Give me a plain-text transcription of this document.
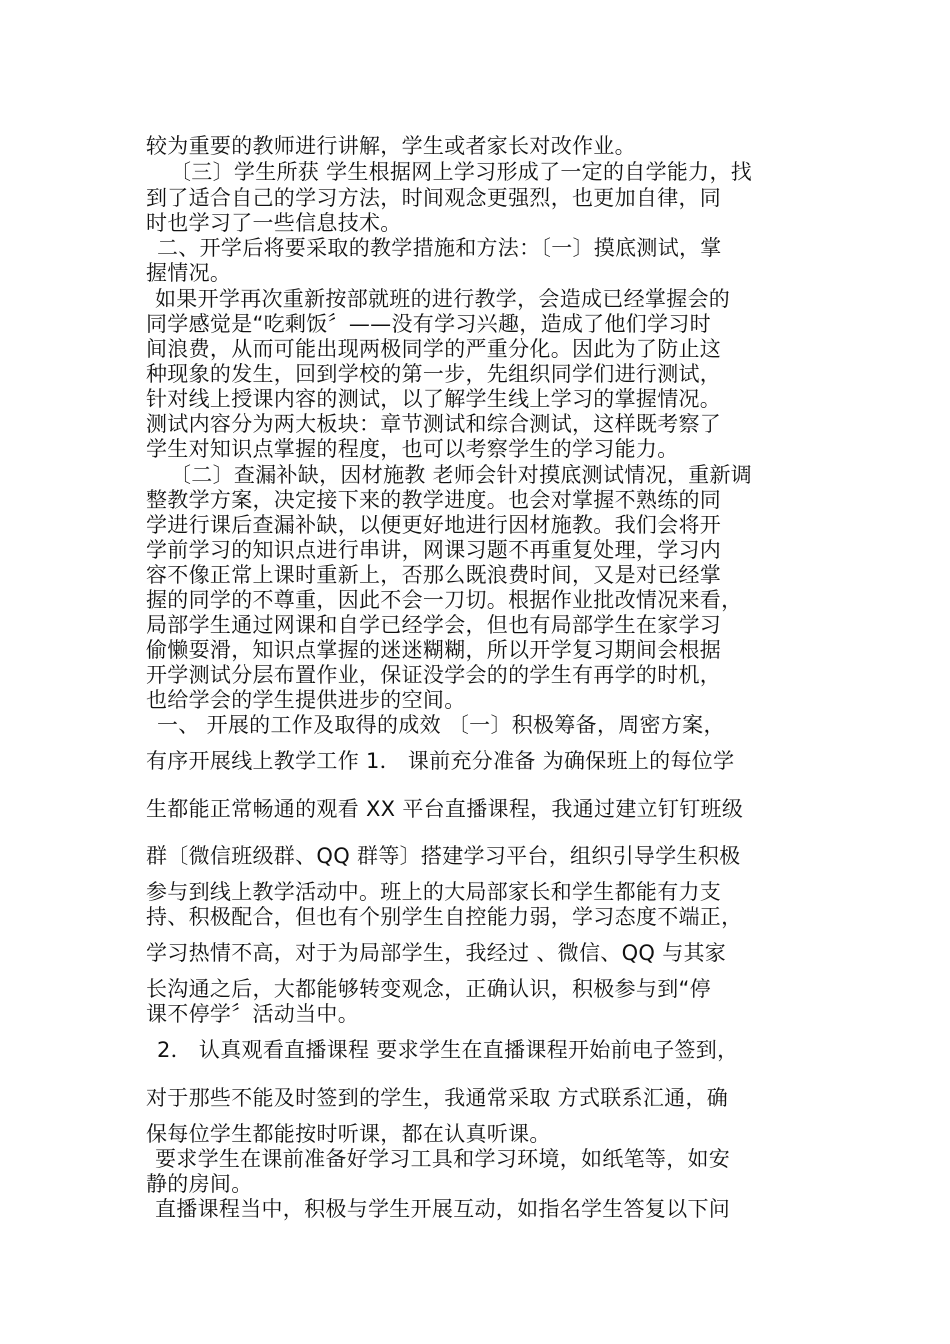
较为重要的教师进行讲解，学生或者家长对改作业。
〔三〕学生所获 学生根据网上学习形成了一定的自学能力，找
到了适合自己的学习方法，时间观念更强烈，也更加自律，同
时也学习了一些信息技术。
二、开学后将要采取的教学措施和方法：〔一〕摸底测试，掌
握情况。
如果开学再次重新按部就班的进行教学，会造成已经掌握会的
同学感觉是“吃剩饭〞——没有学习兴趣，造成了他们学习时
间浪费，从而可能出现两极同学的严重分化。因此为了防止这
种现象的发生，回到学校的第一步，先组织同学们进行测试，
针对线上授课内容的测试，以了解学生线上学习的掌握情况。
测试内容分为两大板块：章节测试和综合测试，这样既考察了
学生对知识点掌握的程度，也可以考察学生的学习能力。
〔二〕查漏补缺，因材施教 老师会针对摸底测试情况，重新调
整教学方案，决定接下来的教学进度。也会对掌握不熟练的同
学进行课后查漏补缺，以便更好地进行因材施教。我们会将开
学前学习的知识点进行串讲，网课习题不再重复处理，学习内
容不像正常上课时重新上，否那么既浪费时间，又是对已经掌
握的同学的不尊重，因此不会一刀切。根据作业批改情况来看，
局部学生通过网课和自学已经学会，但也有局部学生在家学习
偷懒耍滑，知识点掌握的迷迷糊糊，所以开学复习期间会根据
开学测试分层布置作业，保证没学会的的学生有再学的时机，
也给学会的学生提供进步的空间。
一、 开展的工作及取得的成效 〔一〕积极筹备，周密方案，
有序开展线上教学工作 1． 课前充分准备 为确保班上的每位学
生都能正常畅通的观看 XX 平台直播课程，我通过建立钉钉班级
群〔微信班级群、QQ 群等〕搭建学习平台，组织引导学生积极
参与到线上教学活动中。班上的大局部家长和学生都能有力支
持、积极配合，但也有个别学生自控能力弱，学习态度不端正，
学习热情不高，对于为局部学生，我经过 、微信、QQ 与其家
长沟通之后，大都能够转变观念，正确认识，积极参与到“停
课不停学〞活动当中。
2． 认真观看直播课程 要求学生在直播课程开始前电子签到，
对于那些不能及时签到的学生，我通常采取 方式联系汇通，确
保每位学生都能按时听课，都在认真听课。
要求学生在课前准备好学习工具和学习环境，如纸笔等，如安
静的房间。
直播课程当中，积极与学生开展互动，如指名学生答复以下问
